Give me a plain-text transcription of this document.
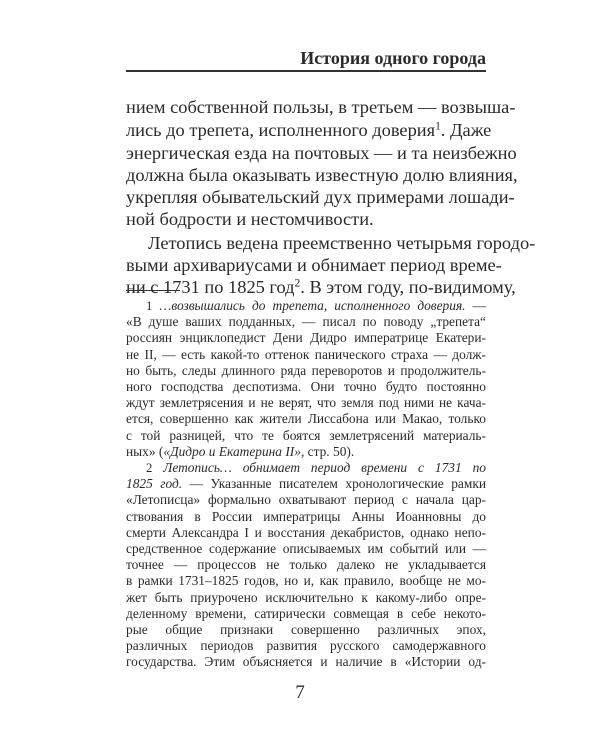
История одного города
нием собственной пользы, в третьем — возвыша-
лись до трепета, исполненного доверия$^1$. Даже
энергическая езда на почтовых — и та неизбежно
должна была оказывать известную долю влияния,
укрепляя обывательский дух примерами лошади-
ной бодрости и нестомчивости.
Летопись ведена преемственно четырьмя городо-
выми архивариусами и обнимает период време-
ни с 1731 по 1825 год$^2$. В этом году, по-видимому,
1 …возвышались до трепета, исполненного доверия. —
«В душе ваших подданных, — писал по поводу „трепета“
россиян энциклопедист Дени Дидро императрице Екатери-
не II, — есть какой-то оттенок панического страха — долж-
но быть, следы длинного ряда переворотов и продолжитель-
ного господства деспотизма. Они точно будто постоянно
ждут землетрясения и не верят, что земля под ними не кача-
ется, совершенно как жители Лиссабона или Макао, только
с той разницей, что те боятся землетрясений материаль-
ных» («Дидро и Екатерина II», стр. 50).
2 Летопись… обнимает период времени с 1731 по
1825 год. — Указанные писателем хронологические рамки
«Летописца» формально охватывают период с начала цар-
ствования в России императрицы Анны Иоанновны до
смерти Александра I и восстания декабристов, однако непо-
средственное содержание описываемых им событий или —
точнее — процессов не только далеко не укладывается
в рамки 1731–1825 годов, но и, как правило, вообще не мо-
жет быть приурочено исключительно к какому-либо опре-
деленному времени, сатирически совмещая в себе некото-
рые общие признаки совершенно различных эпох,
различных периодов развития русского самодержавного
государства. Этим объясняется и наличие в «Истории од-
7
